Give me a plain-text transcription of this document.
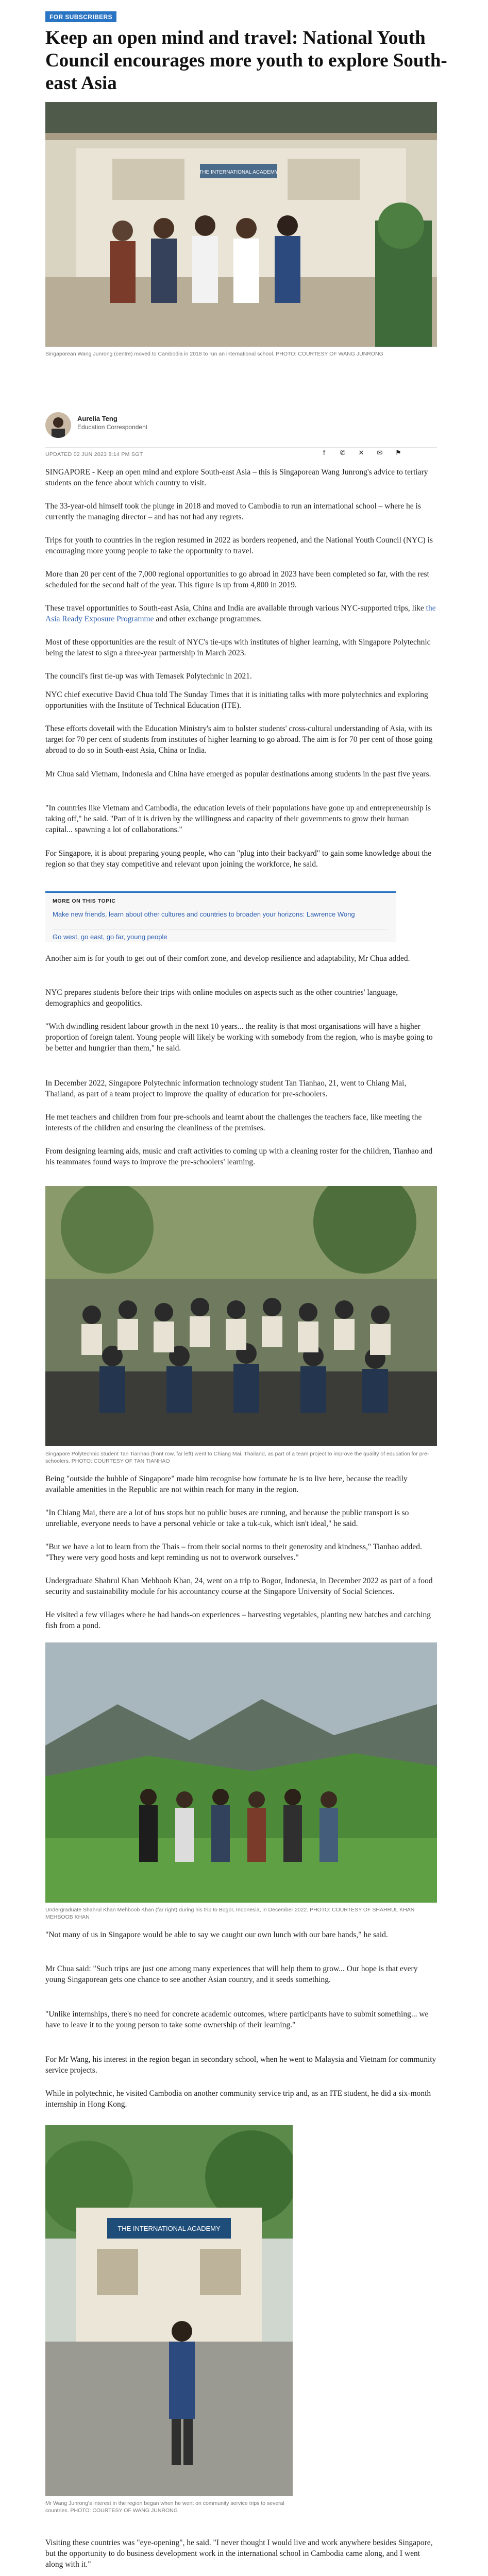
FOR SUBSCRIBERS
Keep an open mind and travel: National Youth Council encourages more youth to explore South-east Asia
THE INTERNATIONAL ACADEMY
Singaporean Wang Junrong (centre) moved to Cambodia in 2018 to run an international school. PHOTO: COURTESY OF WANG JUNRONG
Aurelia Teng
Education Correspondent
UPDATED 02 JUN 2023 8:14 PM SGT	f	✆ ✕ ✉ ⚑

SINGAPORE - Keep an open mind and explore South-east Asia – this is Singaporean Wang Junrong's advice to tertiary students on the fence about which country to visit.

The 33-year-old himself took the plunge in 2018 and moved to Cambodia to run an international school – where he is currently the managing director – and has not had any regrets.

Trips for youth to countries in the region resumed in 2022 as borders reopened, and the National Youth Council (NYC) is encouraging more young people to take the opportunity to travel.

More than 20 per cent of the 7,000 regional opportunities to go abroad in 2023 have been completed so far, with the rest scheduled for the second half of the year. This figure is up from 4,800 in 2019.

These travel opportunities to South-east Asia, China and India are available through various NYC-supported trips, like the Asia Ready Exposure Programme and other exchange programmes.

Most of these opportunities are the result of NYC's tie-ups with institutes of higher learning, with Singapore Polytechnic being the latest to sign a three-year partnership in March 2023.

The council's first tie-up was with Temasek Polytechnic in 2021.

NYC chief executive David Chua told The Sunday Times that it is initiating talks with more polytechnics and exploring opportunities with the Institute of Technical Education (ITE).

These efforts dovetail with the Education Ministry's aim to bolster students' cross-cultural understanding of Asia, with its target for 70 per cent of students from institutes of higher learning to go abroad. The aim is for 70 per cent of those going abroad to do so in South-east Asia, China or India.

Mr Chua said Vietnam, Indonesia and China have emerged as popular destinations among students in the past five years.

"In countries like Vietnam and Cambodia, the education levels of their populations have gone up and entrepreneurship is taking off," he said. "Part of it is driven by the willingness and capacity of their governments to grow their human capital... spawning a lot of collaborations."

For Singapore, it is about preparing young people, who can "plug into their backyard" to gain some knowledge about the region so that they stay competitive and relevant upon joining the workforce, he said.

MORE ON THIS TOPIC
Make new friends, learn about other cultures and countries to broaden your horizons: Lawrence Wong
Go west, go east, go far, young people

Another aim is for youth to get out of their comfort zone, and develop resilience and adaptability, Mr Chua added.

NYC prepares students before their trips with online modules on aspects such as the other countries' language, demographics and geopolitics.

"With dwindling resident labour growth in the next 10 years... the reality is that most organisations will have a higher proportion of foreign talent. Young people will likely be working with somebody from the region, who is maybe going to be better and hungrier than them," he said.

In December 2022, Singapore Polytechnic information technology student Tan Tianhao, 21, went to Chiang Mai, Thailand, as part of a team project to improve the quality of education for pre-schoolers.

He met teachers and children from four pre-schools and learnt about the challenges the teachers face, like meeting the interests of the children and ensuring the cleanliness of the premises.

From designing learning aids, music and craft activities to coming up with a cleaning roster for the children, Tianhao and his teammates found ways to improve the pre-schoolers' learning.

Singapore Polytechnic student Tan Tianhao (front row, far left) went to Chiang Mai, Thailand, as part of a team project to improve the quality of education for pre-schoolers. PHOTO: COURTESY OF TAN TIANHAO

Being "outside the bubble of Singapore" made him recognise how fortunate he is to live here, because the readily available amenities in the Republic are not within reach for many in the region.

"In Chiang Mai, there are a lot of bus stops but no public buses are running, and because the public transport is so unreliable, everyone needs to have a personal vehicle or take a tuk-tuk, which isn't ideal," he said.

"But we have a lot to learn from the Thais – from their social norms to their generosity and kindness," Tianhao added. "They were very good hosts and kept reminding us not to overwork ourselves."

Undergraduate Shahrul Khan Mehboob Khan, 24, went on a trip to Bogor, Indonesia, in December 2022 as part of a food security and sustainability module for his accountancy course at the Singapore University of Social Sciences.

He visited a few villages where he had hands-on experiences – harvesting vegetables, planting new batches and catching fish from a pond.

Undergraduate Shahrul Khan Mehboob Khan (far right) during his trip to Bogor, Indonesia, in December 2022. PHOTO: COURTESY OF SHAHRUL KHAN MEHBOOB KHAN

"Not many of us in Singapore would be able to say we caught our own lunch with our bare hands," he said.

Mr Chua said: "Such trips are just one among many experiences that will help them to grow... Our hope is that every young Singaporean gets one chance to see another Asian country, and it seeds something.

"Unlike internships, there's no need for concrete academic outcomes, where participants have to submit something... we have to leave it to the young person to take some ownership of their learning."

For Mr Wang, his interest in the region began in secondary school, when he went to Malaysia and Vietnam for community service projects.

While in polytechnic, he visited Cambodia on another community service trip and, as an ITE student, he did a six-month internship in Hong Kong.

THE INTERNATIONAL ACADEMY
Mr Wang Junrong's interest in the region began when he went on community service trips to several countries. PHOTO: COURTESY OF WANG JUNRONG

Visiting these countries was "eye-opening", he said. "I never thought I would live and work anywhere besides Singapore, but the opportunity to do business development work in the international school in Cambodia came along, and I went along with it."
